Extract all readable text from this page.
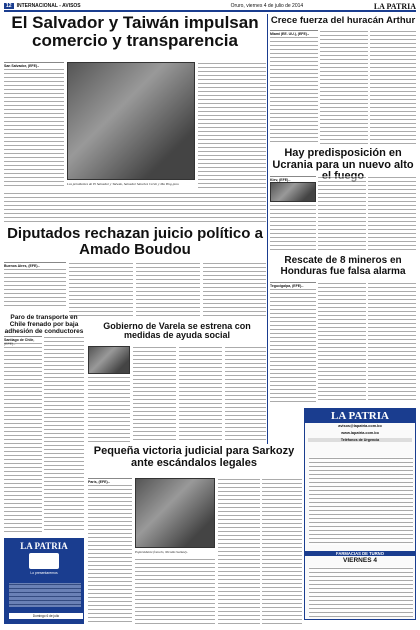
12	INTERNACIONAL - AVISOS	Oruro, viernes 4 de julio de 2014	LA PATRIA
El Salvador y Taiwán impulsan comercio y transparencia
San Salvador, (EFE).-
Los presidentes de El Salvador y Taiwán, Salvador Sánchez Cerén y Ma Ying-jeou
Crece fuerza del huracán Arthur
Miami (EE. UU.), (EFE).-
Hay predisposición en Ucrania para un nuevo alto
Kiev, (EFE).-
Diputados rechazan juicio político a Amado Boudou
Buenos Aires, (EFE).-
Paro de transporte en Chile frenado por baja adhesión de conductores
Santiago de Chile,
Gobierno de Varela se estrena con medidas de ayuda social
Rescate de 8 mineros en Honduras fue falsa alarma
Tegucigalpa, (EFE).-
Pequeña victoria judicial para Sarkozy ante escándalos legales
París, (EFE).-
Expresidente francés, Nicolás Sarkozy.
LA PATRIA
avisos@lapatria.com.bo
www.lapatria.com.bo
Teléfonos de Urgencia
FARMACIAS DE TURNO
VIERNES 4
LA PATRIA
Lo presentaremos
Domingo 6 de julio
